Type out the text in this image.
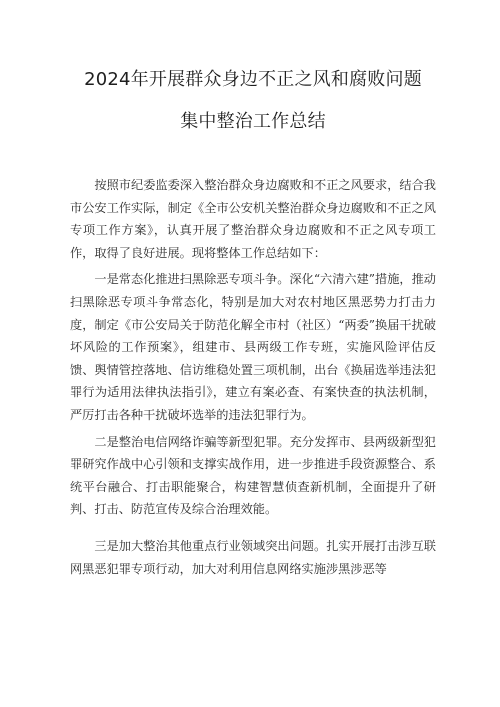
2024年开展群众身边不正之风和腐败问题
集中整治工作总结

按照市纪委监委深入整治群众身边腐败和不正之风要求，结合我市公安工作实际，制定《全市公安机关整治群众身边腐败和不正之风专项工作方案》，认真开展了整治群众身边腐败和不正之风专项工作，取得了良好进展。现将整体工作总结如下：

一是常态化推进扫黑除恶专项斗争。深化“六清六建”措施，推动扫黑除恶专项斗争常态化，特别是加大对农村地区黑恶势力打击力度，制定《市公安局关于防范化解全市村（社区）“两委”换届干扰破坏风险的工作预案》，组建市、县两级工作专班，实施风险评估反馈、舆情管控落地、信访维稳处置三项机制，出台《换届选举违法犯罪行为适用法律执法指引》，建立有案必查、有案快查的执法机制，严厉打击各种干扰破坏选举的违法犯罪行为。

二是整治电信网络诈骗等新型犯罪。充分发挥市、县两级新型犯罪研究作战中心引领和支撑实战作用，进一步推进手段资源整合、系统平台融合、打击职能聚合，构建智慧侦查新机制，全面提升了研判、打击、防范宣传及综合治理效能。

三是加大整治其他重点行业领域突出问题。扎实开展打击涉互联网黑恶犯罪专项行动，加大对利用信息网络实施涉黑涉恶等
